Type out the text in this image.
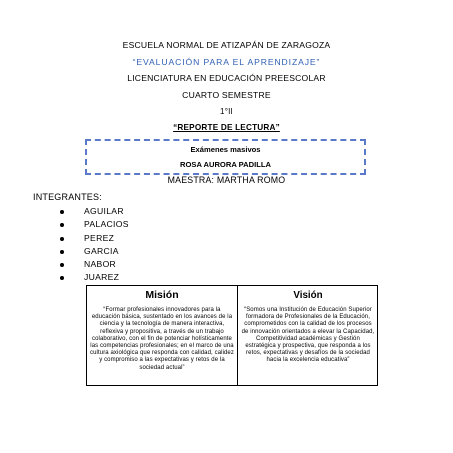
ESCUELA NORMAL DE ATIZAPÁN DE ZARAGOZA
“EVALUACIÓN PARA EL APRENDIZAJE”
LICENCIATURA EN EDUCACIÓN PREESCOLAR
CUARTO SEMESTRE
1°II
“REPORTE DE LECTURA”
Exámenes masivos
ROSA AURORA PADILLA
MAESTRA: MARTHA ROMO
INTEGRANTES:
AGUILAR
PALACIOS
PEREZ
GARCIA
NABOR
JUAREZ
Misión

“Formar profesionales innovadores para la educación básica, sustentado en los avances de la ciencia y la tecnología de manera interactiva, reflexiva y propositiva, a través de un trabajo colaborativo, con el fin de potenciar holísticamente las competencias profesionales; en el marco de una cultura axiológica que responda con calidad, calidez y compromiso a las expectativas y retos de la sociedad actual”

Visión

“Somos una Institución de Educación Superior formadora de Profesionales de la Educación, comprometidos con la calidad de los procesos de innovación orientados a elevar la Capacidad, Competitividad académicas y Gestión estratégica y prospectiva, que responda a los retos, expectativas y desafíos de la sociedad hacia la excelencia educativa”
